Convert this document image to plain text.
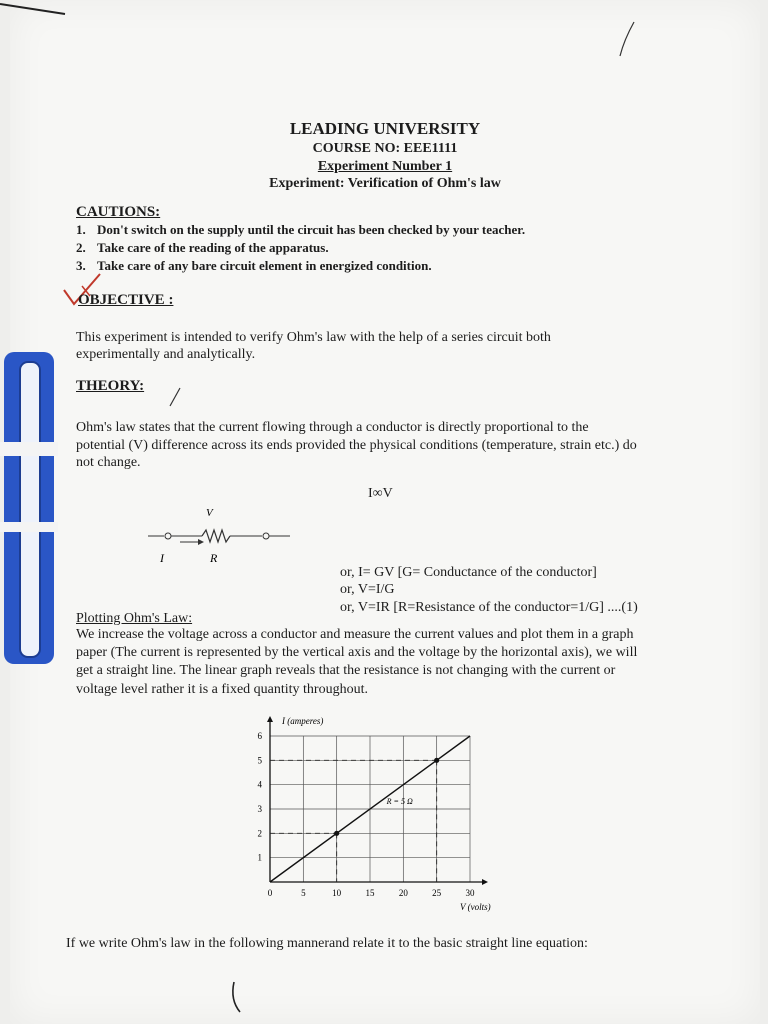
LEADING UNIVERSITY
COURSE NO: EEE1111
Experiment Number 1
Experiment: Verification of Ohm's law
CAUTIONS:
1. Don't switch on the supply until the circuit has been checked by your teacher.
2. Take care of the reading of the apparatus.
3. Take care of any bare circuit element in energized condition.
OBJECTIVE :
This experiment is intended to verify Ohm's law with the help of a series circuit both
experimentally and analytically.
THEORY:
Ohm's law states that the current flowing through a conductor is directly proportional to the
potential (V) difference across its ends provided the physical conditions (temperature, strain etc.) do
not change.
I∞V
V
I	R
or, I= GV [G= Conductance of the conductor]
or, V=I/G
or, V=IR [R=Resistance of the conductor=1/G] ....(1)
Plotting Ohm's Law:
We increase the voltage across a conductor and measure the current values and plot them in a graph
paper (The current is represented by the vertical axis and the voltage by the horizontal axis), we will
get a straight line. The linear graph reveals that the resistance is not changing with the current or
voltage level rather it is a fixed quantity throughout.
0	5	10	15	20	25	30
1
2
3
4
5
6
I (amperes)
V (volts)
R = 5 Ω
If we write Ohm's law in the following mannerand relate it to the basic straight line equation:
